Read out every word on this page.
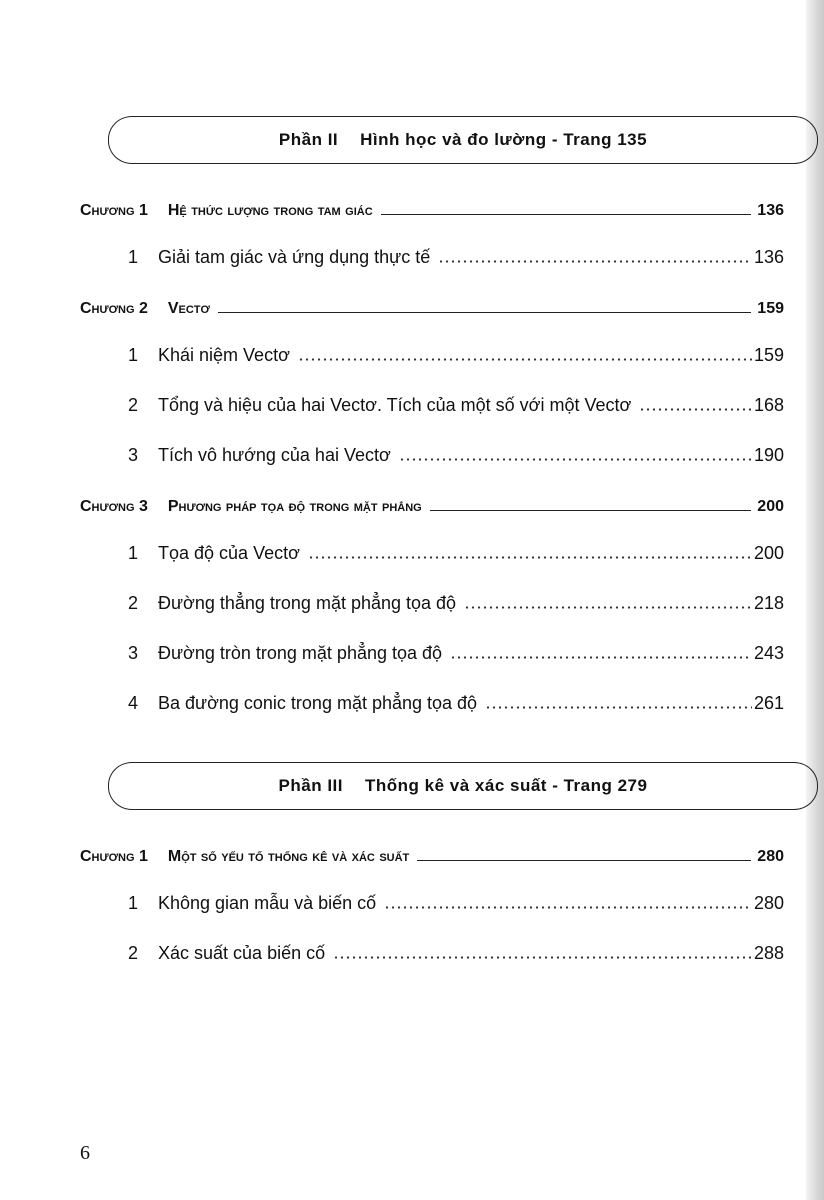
Phần II Hình học và đo lường - Trang 135
Chương 1 Hệ thức lượng trong tam giác	136
1	Giải tam giác và ứng dụng thực tế	136
Chương 2 Vectơ	159
1	Khái niệm Vectơ	159
2	Tổng và hiệu của hai Vectơ. Tích của một số với một Vectơ	168
3	Tích vô hướng của hai Vectơ	190
Chương 3 Phương pháp tọa độ trong mặt phẳng	200
1	Tọa độ của Vectơ	200
2	Đường thẳng trong mặt phẳng tọa độ	218
3	Đường tròn trong mặt phẳng tọa độ	243
4	Ba đường conic trong mặt phẳng tọa độ	261
Phần III Thống kê và xác suất - Trang 279
Chương 1 Một số yếu tố thống kê và xác suất	280
1	Không gian mẫu và biến cố	280
2	Xác suất của biến cố	288
6
